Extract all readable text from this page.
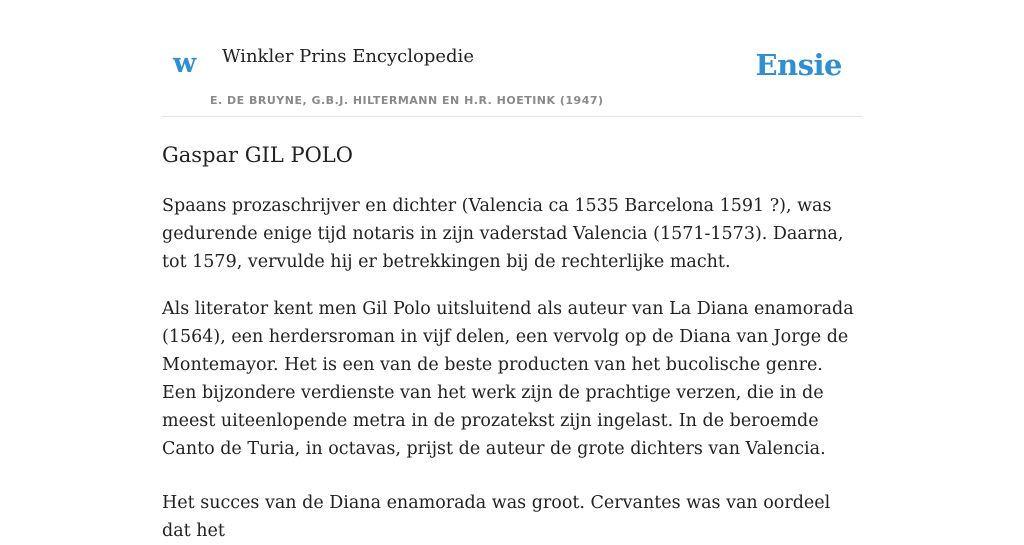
w Winkler Prins Encyclopedie
E. DE BRUYNE, G.B.J. HILTERMANN EN H.R. HOETINK (1947)
Ensie
Gaspar GIL POLO

Spaans prozaschrijver en dichter (Valencia ca 1535 Barcelona 1591 ?), was gedurende enige tijd notaris in zijn vaderstad Valencia (1571-1573). Daarna, tot 1579, vervulde hij er betrekkingen bij de rechterlijke macht.

Als literator kent men Gil Polo uitsluitend als auteur van La Diana enamorada (1564), een herdersroman in vijf delen, een vervolg op de Diana van Jorge de Montemayor. Het is een van de beste producten van het bucolische genre. Een bijzondere verdienste van het werk zijn de prachtige verzen, die in de meest uiteenlopende metra in de prozatekst zijn ingelast. In de beroemde Canto de Turia, in octavas, prijst de auteur de grote dichters van Valencia.

Het succes van de Diana enamorada was groot. Cervantes was van oordeel dat het
